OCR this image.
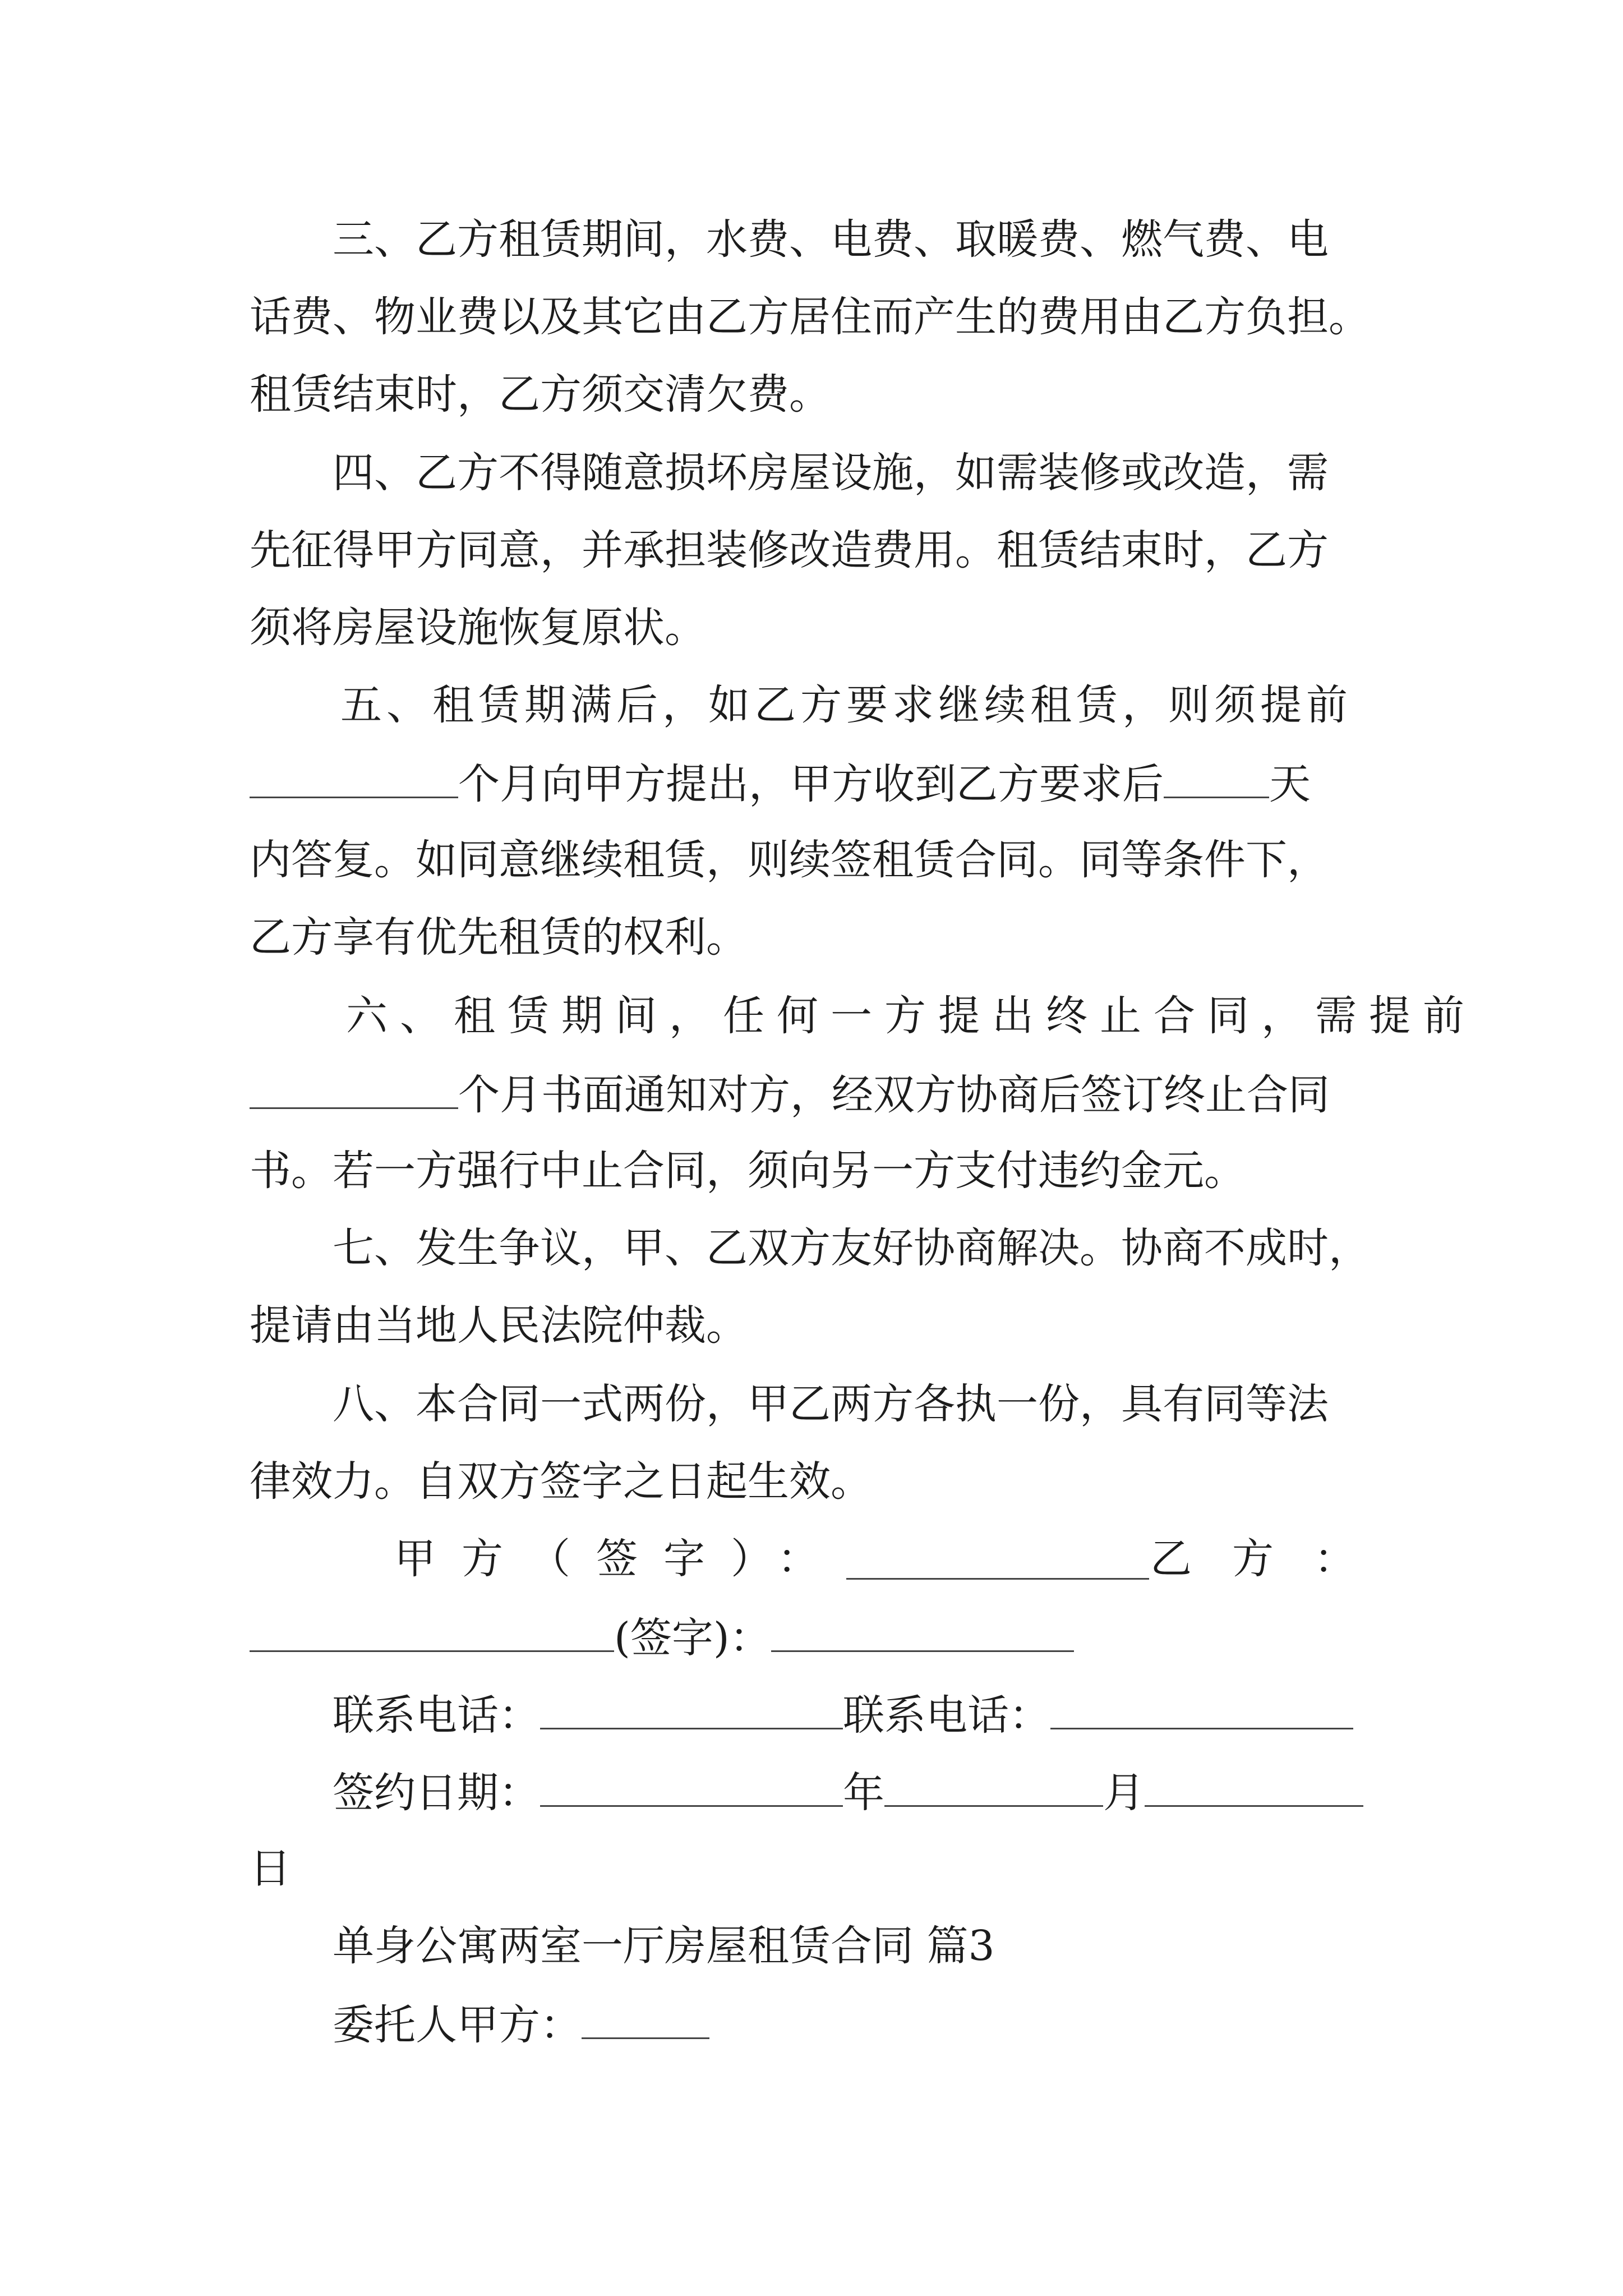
三、乙方租赁期间，水费、电费、取暖费、燃气费、电
话费、物业费以及其它由乙方居住而产生的费用由乙方负担。
租赁结束时，乙方须交清欠费。
四、乙方不得随意损坏房屋设施，如需装修或改造，需
先征得甲方同意，并承担装修改造费用。租赁结束时，乙方
须将房屋设施恢复原状。
五、租赁期满后，如乙方要求继续租赁，则须提前
个月向甲方提出，甲方收到乙方要求后	天
内答复。如同意继续租赁，则续签租赁合同。同等条件下，
乙方享有优先租赁的权利。
六、租赁期间，任何一方提出终止合同，需提前
个月书面通知对方，经双方协商后签订终止合同
书。若一方强行中止合同，须向另一方支付违约金元。
七、发生争议，甲、乙双方友好协商解决。协商不成时，
提请由当地人民法院仲裁。
八、本合同一式两份，甲乙两方各执一份，具有同等法
律效力。自双方签字之日起生效。
甲方（签字）：	乙方：
(签字)：
联系电话：	联系电话：
签约日期：	年	月
日
单身公寓两室一厅房屋租赁合同 篇3
委托人甲方：
